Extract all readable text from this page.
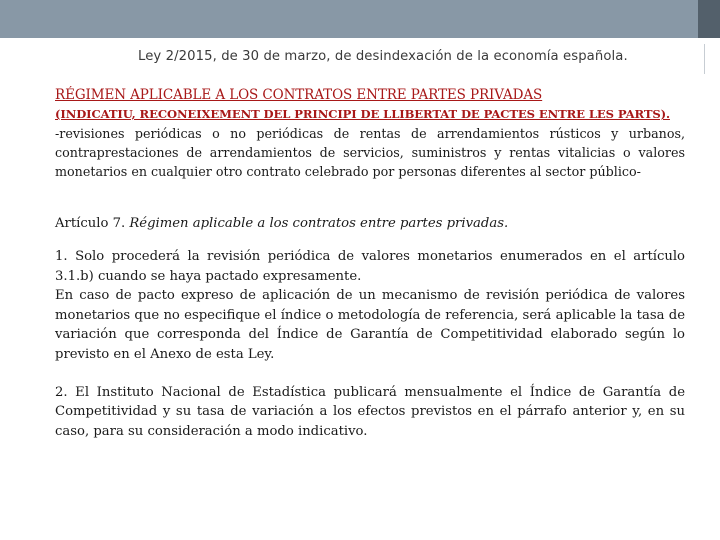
Ley 2/2015, de 30 de marzo, de desindexación de la economía española.

RÉGIMEN APLICABLE A LOS CONTRATOS ENTRE PARTES PRIVADAS

(INDICATIU, RECONEIXEMENT DEL PRINCIPI DE LLIBERTAT DE PACTES ENTRE LES PARTS).

-revisiones periódicas o no periódicas de rentas de arrendamientos rústicos y urbanos, contraprestaciones de arrendamientos de servicios, suministros y rentas vitalicias o valores monetarios en cualquier otro contrato celebrado por personas diferentes al sector público-

Artículo 7. Régimen aplicable a los contratos entre partes privadas.

1. Solo procederá la revisión periódica de valores monetarios enumerados en el artículo 3.1.b) cuando se haya pactado expresamente.

En caso de pacto expreso de aplicación de un mecanismo de revisión periódica de valores monetarios que no especifique el índice o metodología de referencia, será aplicable la tasa de variación que corresponda del Índice de Garantía de Competitividad elaborado según lo previsto en el Anexo de esta Ley.

2. El Instituto Nacional de Estadística publicará mensualmente el Índice de Garantía de Competitividad y su tasa de variación a los efectos previstos en el párrafo anterior y, en su caso, para su consideración a modo indicativo.
